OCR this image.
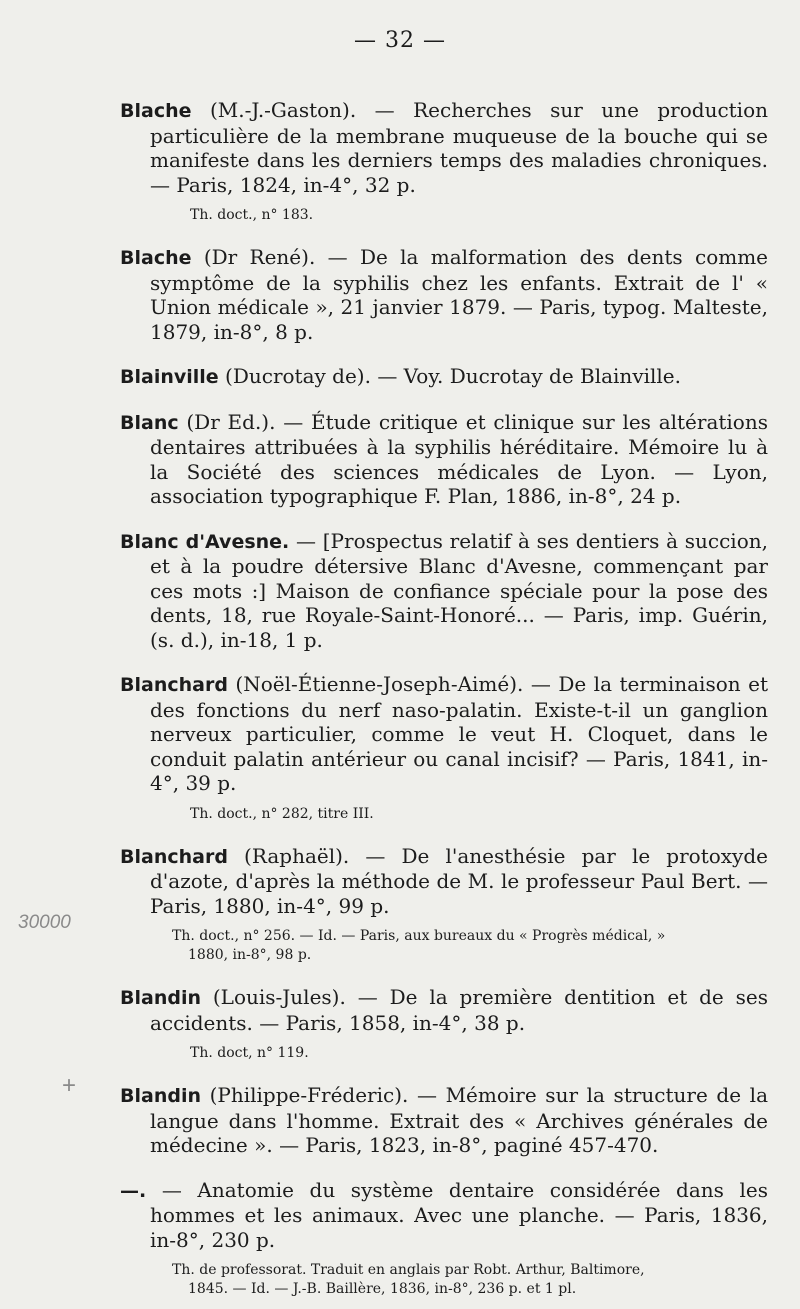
— 32 —
30000
+

Blache (M.-J.-Gaston). — Recherches sur une production particulière de la membrane muqueuse de la bouche qui se manifeste dans les derniers temps des maladies chroniques. — Paris, 1824, in-4°, 32 p.

Th. doct., n° 183.

Blache (Dr René). — De la malformation des dents comme symptôme de la syphilis chez les enfants. Extrait de l' « Union médicale », 21 janvier 1879. — Paris, typog. Malteste, 1879, in-8°, 8 p.

Blainville (Ducrotay de). — Voy. Ducrotay de Blainville.

Blanc (Dr Ed.). — Étude critique et clinique sur les altérations dentaires attribuées à la syphilis héréditaire. Mémoire lu à la Société des sciences médicales de Lyon. — Lyon, association typographique F. Plan, 1886, in-8°, 24 p.

Blanc d'Avesne. — [Prospectus relatif à ses dentiers à succion, et à la poudre détersive Blanc d'Avesne, commençant par ces mots :] Maison de confiance spéciale pour la pose des dents, 18, rue Royale-Saint-Honoré... — Paris, imp. Guérin, (s. d.), in-18, 1 p.

Blanchard (Noël-Étienne-Joseph-Aimé). — De la terminaison et des fonctions du nerf naso-palatin. Existe-t-il un ganglion nerveux particulier, comme le veut H. Cloquet, dans le conduit palatin antérieur ou canal incisif? — Paris, 1841, in-4°, 39 p.

Th. doct., n° 282, titre III.

Blanchard (Raphaël). — De l'anesthésie par le protoxyde d'azote, d'après la méthode de M. le professeur Paul Bert. — Paris, 1880, in-4°, 99 p.

Th. doct., n° 256. — Id. — Paris, aux bureaux du « Progrès médical, »
1880, in-8°, 98 p.

Blandin (Louis-Jules). — De la première dentition et de ses accidents. — Paris, 1858, in-4°, 38 p.

Th. doct, n° 119.

Blandin (Philippe-Fréderic). — Mémoire sur la structure de la langue dans l'homme. Extrait des « Archives générales de médecine ». — Paris, 1823, in-8°, paginé 457-470.

—. — Anatomie du système dentaire considérée dans les hommes et les animaux. Avec une planche. — Paris, 1836, in-8°, 230 p.

Th. de professorat. Traduit en anglais par Robt. Arthur, Baltimore,
1845. — Id. — J.-B. Baillère, 1836, in-8°, 236 p. et 1 pl.
